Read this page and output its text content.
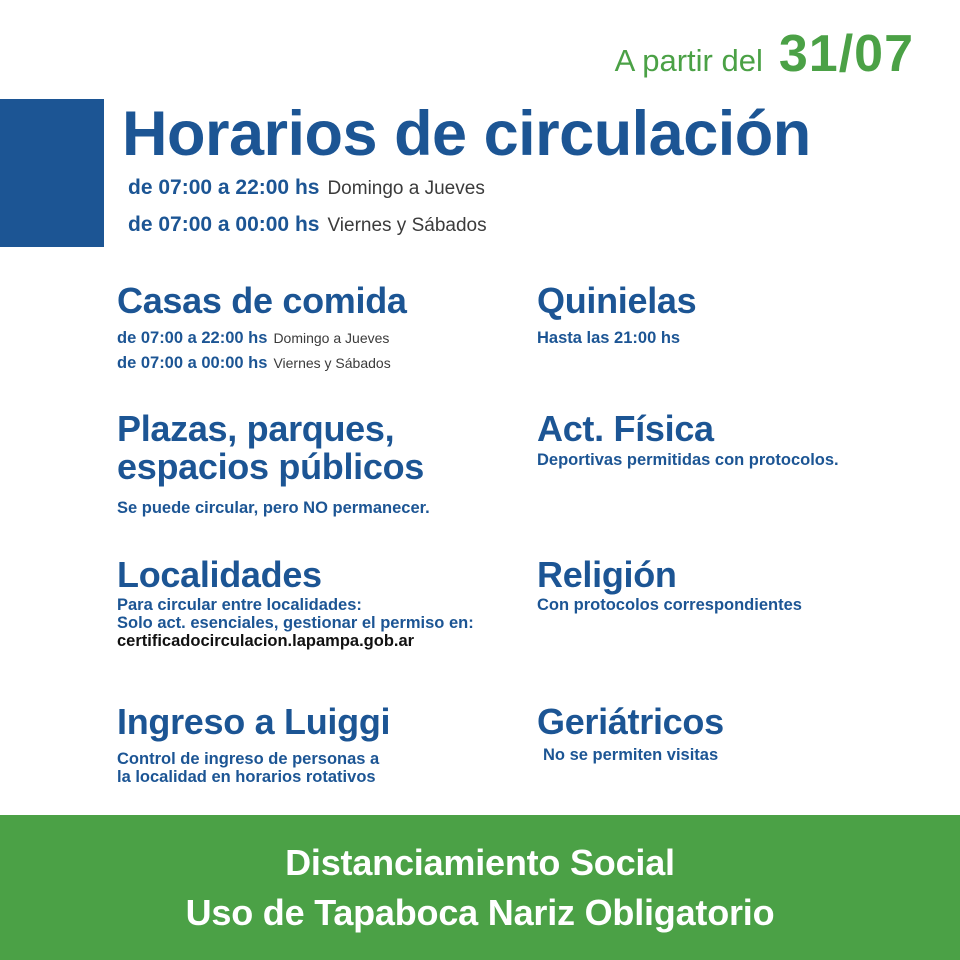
A partir del 31/07
Horarios de circulación
de 07:00 a 22:00 hs Domingo a Jueves
de 07:00 a 00:00 hs Viernes y Sábados
Casas de comida
de 07:00 a 22:00 hs Domingo a Jueves
de 07:00 a 00:00 hs Viernes y Sábados
Quinielas
Hasta las 21:00 hs
Plazas, parques,
espacios públicos
Se puede circular, pero NO permanecer.
Act. Física
Deportivas permitidas con protocolos.
Localidades
Para circular entre localidades:
Solo act. esenciales, gestionar el permiso en:
certificadocirculacion.lapampa.gob.ar
Religión
Con protocolos correspondientes
Ingreso a Luiggi
Control de ingreso de personas a
la localidad en horarios rotativos
Geriátricos
No se permiten visitas
Distanciamiento Social
Uso de Tapaboca Nariz Obligatorio
